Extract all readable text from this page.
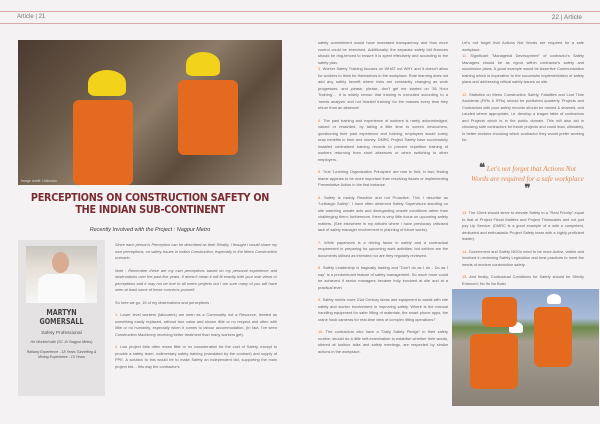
Article | 21	22 | Article
Image credit: Unknown
PERCEPTIONS ON CONSTRUCTION SAFETY ON THE INDIAN SUB-CONTINENT
Recently Involved with the Project : Nagpur Metro
MARTYN GOMERSALL
Safety Professional
He Worked with (SC JV Nagpur Metro)
Railway Experience - 18 Years Tunnelling & Mining Experience - 15 Years

Since each person's Perception can be described as their Reality, I thought I would share my own perceptions, on safety issues in Indian Construction, especially in the Metro Construction scenario.

Note : Remember these are my own perceptions based on my personal experience and observations over the past five years. It doesn't mean it will fit exactly with your own views or perceptions and it may not be true in all metro projects but I am sure many of you will have seen at least some of these concerns yourself.

So here we go, 15 of my observations and perceptions :

1. Lower level workers (labourers) are seen as a Commodity not a Resource, treated as something easily replaced, without true value and shown little or no respect and often with little or no humanity, especially when it comes to labour accommodation. (In fact, I've seen Construction Machinery receiving better treatment than many workers get).

2. Low project bids often mean little or no consideration for the cost of Safety, except to provide a safety team, rudimentary safety training (mandated by the contract) and supply of PPE. A solution to this would be to make Safety an independent bid, supporting the main project bid… this way the contractor's

safety commitment would have increased transparency and thus more control could be exercised. Additionally, the separate safety bid finances should be ring-fenced to ensure it is spent effectively and according to the safety plan.
3. Worker Safety Training focuses on WHAT not WHY and it doesn't allow for workers to think for themselves in the workplace. Rote learning does not add any safety benefit where risks are constantly changing as work progresses; and please, please, don't get me started on '36 Hour Training'… It is widely known that training is executed according to a 'needs analysis' and not 'blanket training' for the masses every time they return from an absence!

4. The past training and experience of workers is rarely acknowledged, valued or rewarded, by taking a little time to screen newcomers, questioning their past experience and training, employers would surely reap benefits in time and money. DMRC Project Safety have successfully installed centralised training records to prevent repetition training of workers returning from short absences or when switching to other employers.

5. True 'Learning Organisation Principles' are rare to find; in fact, finding blame appears to be more important than resolving issues or implementing Preventative Action in the first instance.

6. Safety is mainly Reactive and not Proactive. This I describe as "Lethargic Safety". I have often observed Safety Supervisors standing on site watching unsafe acts and disregarding unsafe conditions rather than challenging them; furthermore, there is very little focus on upcoming safety matters. (See elsewhere in my articles where I have previously criticised lack of safety manager involvement in planning of future works).

7. While paperwork is a driving factor in safety and a contractual requirement in preparing for upcoming work activities, but seldom are the documents utilised as intended nor are they regularly reviewed.

8. Safety Leadership is tragically lacking and "Don't do as I do - Do as I say" is a predominant feature of safety management. So much more could be achieved if senior managers became truly involved at site and at a practical level.

9. Safety needs more 21st Century ideas and equipment to assist with site safety and worker involvement in improving safety. Where is the manual handling equipment for safer lifting of materials, the smart phone apps, the crane hook cameras for real-time view of complex lifting operations?

10. The contractors who have a "Daily Safety Pledge" in their safety routine, should do a little self-examination to establish whether their words, uttered at toolbox talks and safety meetings, are respected by similar actions in the workplace.

Let's not forget that Actions Not Words are required for a safe workplace.
11. Significant "Managerial Development" of contractor's Safety Managers should be as rigour within contractor's safety and succession plans. A good example would be Assertive Communication training which is imperative to the successful implementation of safety plans and addressing critical safety issues on site.

12. Statistics on Metro Construction Safety, Fatalities and Lost Time Accidents (FIRs & IFRs) should be published quarterly. Projects and Contractors with poor safety records should be named & shamed, and Lauded where appropriate, i.e. develop a league table of contractors and Projects which is in the public domain. This will also aid in choosing safe contractors for future projects and could lead, ultimately, to better workers choosing which contractor they would prefer working for.

❝ Let's not forget that Actions Not Words are required for a safe workplace ❞

13. The Client should strive to elevate Safety to a "Real Priority" equal to that of Project Fiscal Matters and Project Timescales and not just pay Lip Service. (DMRC is a good example of a with a competent, dedicated and enthusiastic Project Safety team with a highly proficient leader).

14. Government and Safety NGOs need to be more Active, visible and involved in reviewing Safety Legislation and best practices to meet the needs of modern construction safety.

15. And finally, Contractual Conditions for Safety should be Strictly Enforced; No Ifs No Buts!
